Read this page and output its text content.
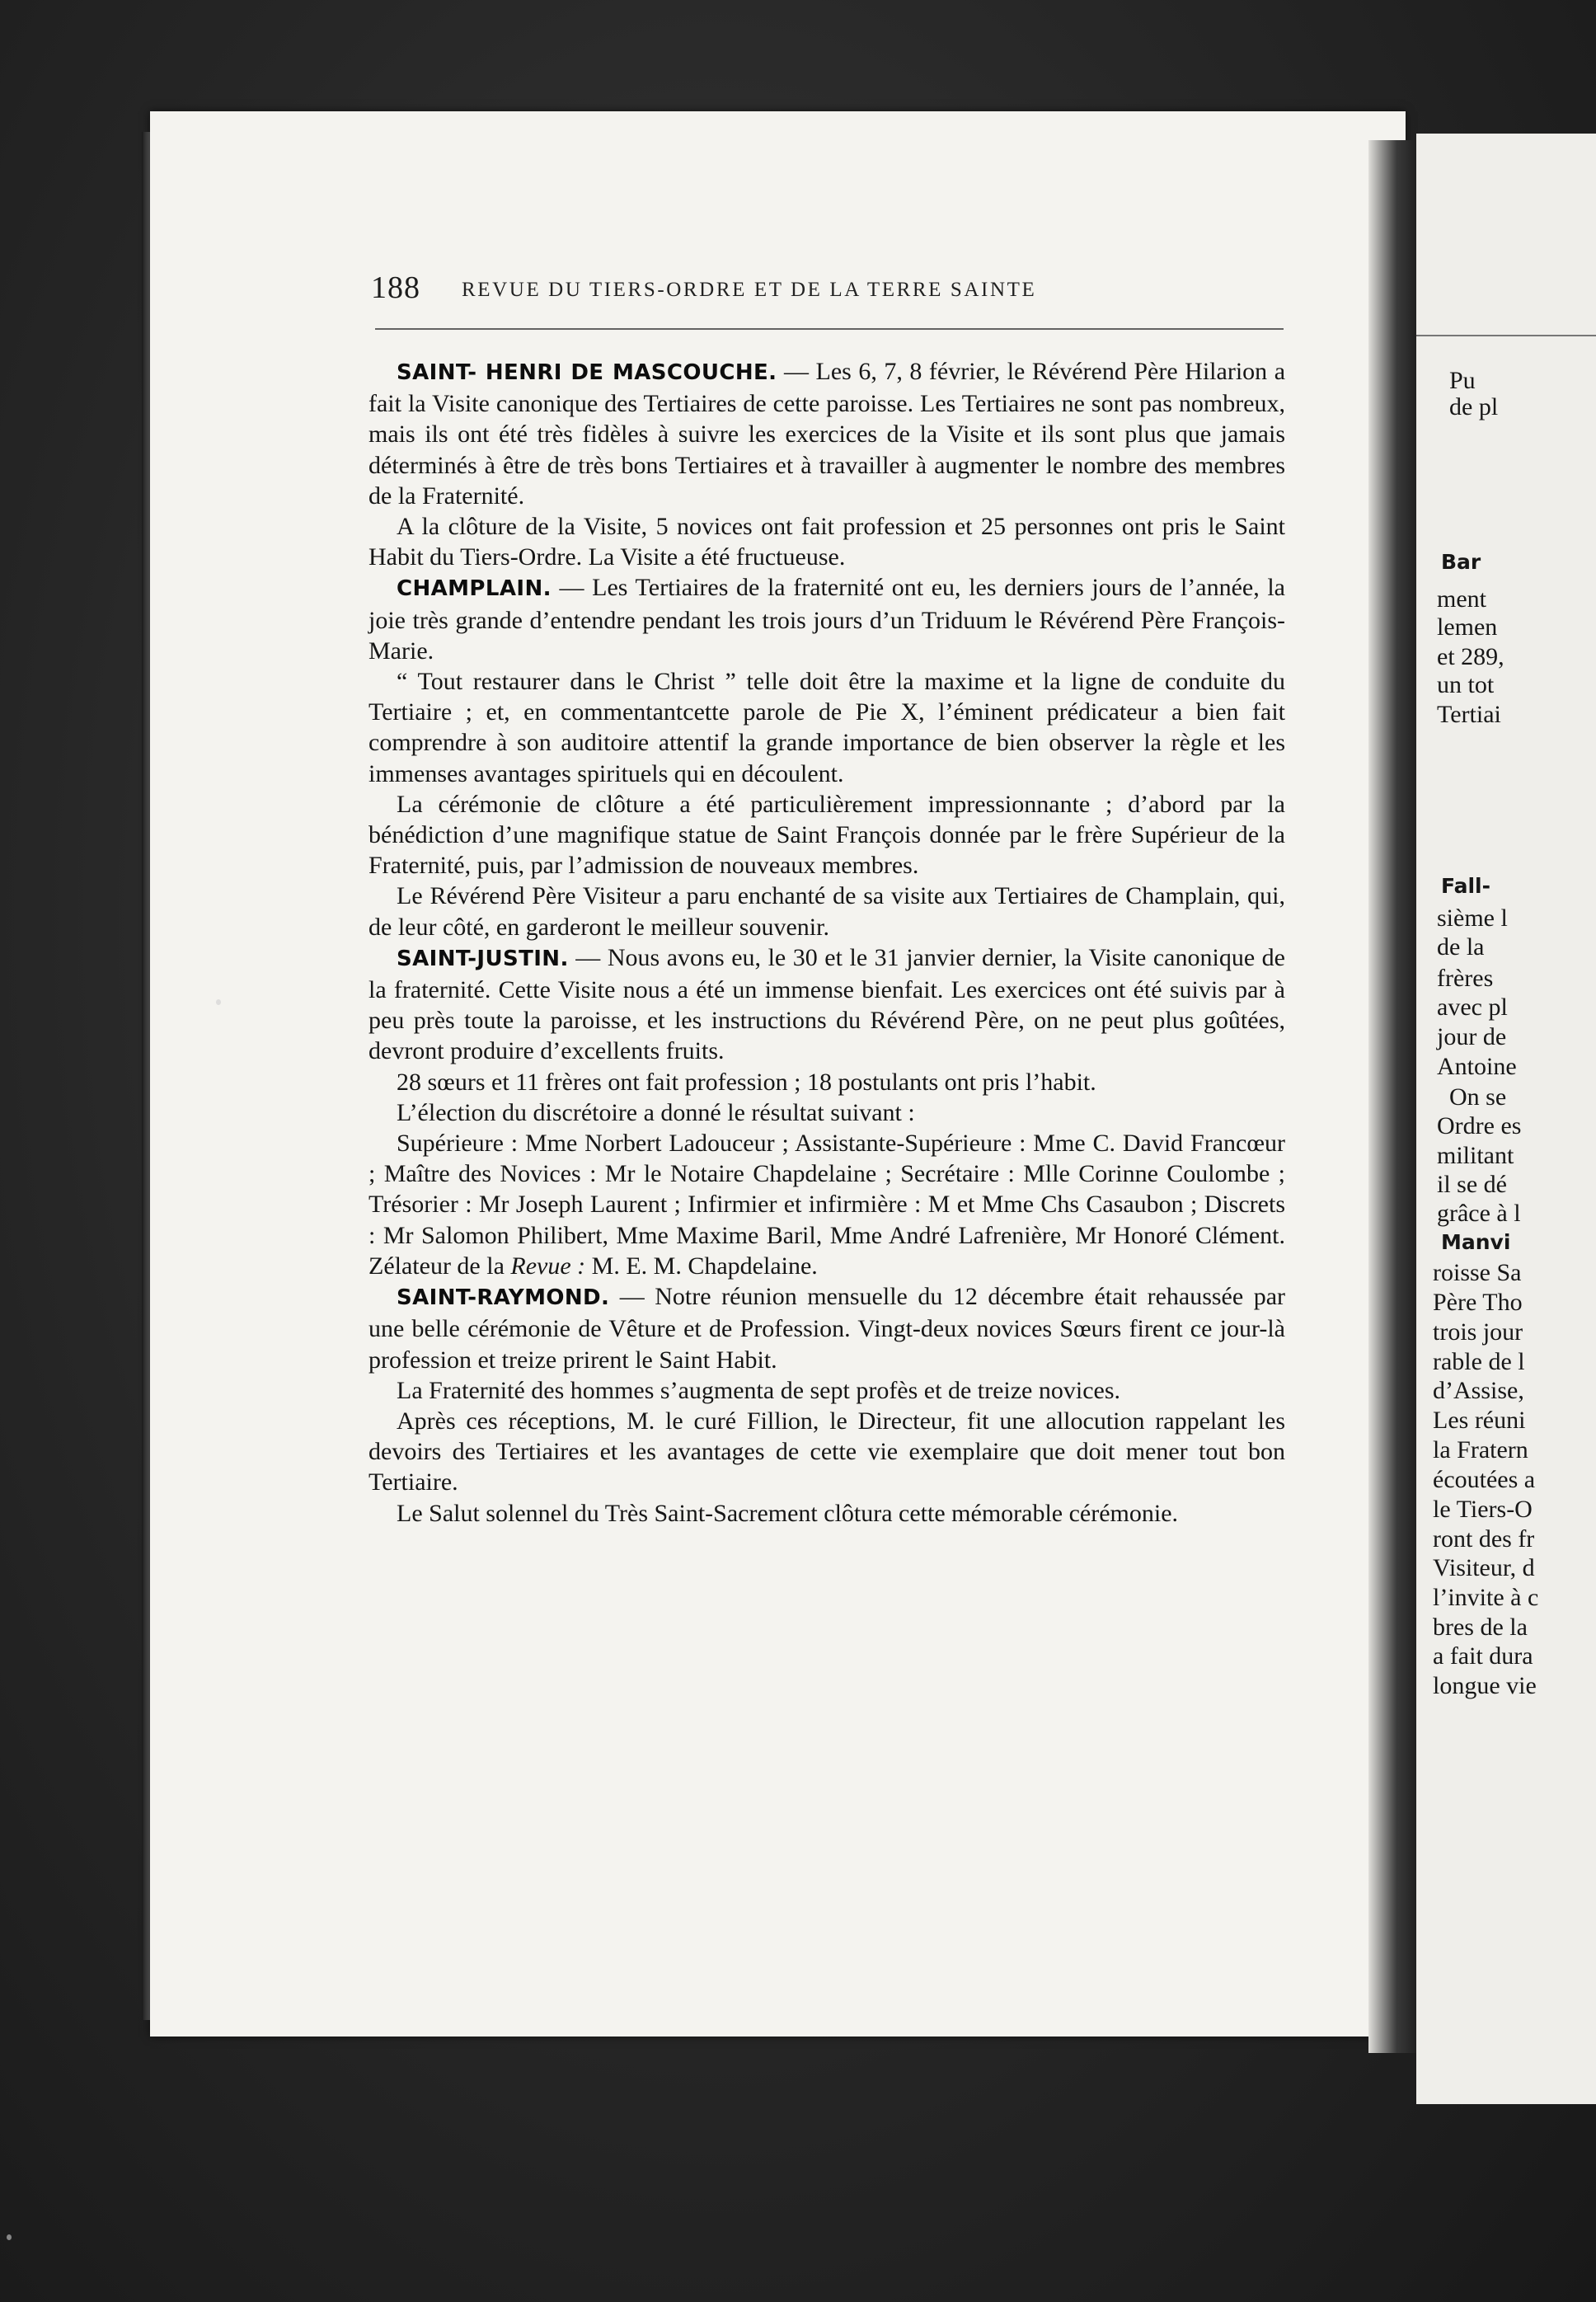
Pu
de pl
Bar
ment
lemen
et 289,
un tot
Tertiai
Fall-
sième l
de la
frères
avec pl
jour de
Antoine
On se
Ordre es
militant
il se dé
grâce à l
Manvi
roisse Sa
Père Tho
trois jour
rable de l
d’Assise,
Les réuni
la Fratern
écoutées a
le Tiers-O
ront des fr
Visiteur, d
l’invite à c
bres de la
a fait dura
longue vie
188 REVUE DU TIERS-ORDRE ET DE LA TERRE SAINTE

SAINT- HENRI DE MASCOUCHE. — Les 6, 7, 8 février, le Révérend Père Hilarion a fait la Visite canonique des Tertiaires de cette paroisse. Les Tertiaires ne sont pas nombreux, mais ils ont été très fidèles à suivre les exercices de la Visite et ils sont plus que jamais déterminés à être de très bons Tertiaires et à travailler à augmenter le nombre des membres de la Fraternité.

A la clôture de la Visite, 5 novices ont fait profession et 25 personnes ont pris le Saint Habit du Tiers-Ordre. La Visite a été fructueuse.

CHAMPLAIN. — Les Tertiaires de la fraternité ont eu, les derniers jours de l’année, la joie très grande d’entendre pendant les trois jours d’un Triduum le Révérend Père François-Marie.

“ Tout restaurer dans le Christ ” telle doit être la maxime et la ligne de conduite du Tertiaire ; et, en commentantcette parole de Pie X, l’éminent prédicateur a bien fait comprendre à son auditoire attentif la grande importance de bien observer la règle et les immenses avantages spirituels qui en découlent.

La cérémonie de clôture a été particulièrement impressionnante ; d’abord par la bénédiction d’une magnifique statue de Saint François donnée par le frère Supérieur de la Fraternité, puis, par l’admission de nouveaux membres.

Le Révérend Père Visiteur a paru enchanté de sa visite aux Tertiaires de Champlain, qui, de leur côté, en garderont le meilleur souvenir.

SAINT-JUSTIN. — Nous avons eu, le 30 et le 31 janvier dernier, la Visite canonique de la fraternité. Cette Visite nous a été un immense bienfait. Les exercices ont été suivis par à peu près toute la paroisse, et les instructions du Révérend Père, on ne peut plus goûtées, devront produire d’excellents fruits.

28 sœurs et 11 frères ont fait profession ; 18 postulants ont pris l’habit.

L’élection du discrétoire a donné le résultat suivant :

Supérieure : Mme Norbert Ladouceur ; Assistante-Supérieure : Mme C. David Francœur ; Maître des Novices : Mr le Notaire Chapdelaine ; Secrétaire : Mlle Corinne Coulombe ; Trésorier : Mr Joseph Laurent ; Infirmier et infirmière : M et Mme Chs Casaubon ; Discrets : Mr Salomon Philibert, Mme Maxime Baril, Mme André Lafrenière, Mr Honoré Clément. Zélateur de la Revue : M. E. M. Chapdelaine.

SAINT-RAYMOND. — Notre réunion mensuelle du 12 décembre était rehaussée par une belle cérémonie de Vêture et de Profession. Vingt-deux novices Sœurs firent ce jour-là profession et treize prirent le Saint Habit.

La Fraternité des hommes s’augmenta de sept profès et de treize novices.

Après ces réceptions, M. le curé Fillion, le Directeur, fit une allocution rappelant les devoirs des Tertiaires et les avantages de cette vie exemplaire que doit mener tout bon Tertiaire.

Le Salut solennel du Très Saint-Sacrement clôtura cette mémorable cérémonie.
